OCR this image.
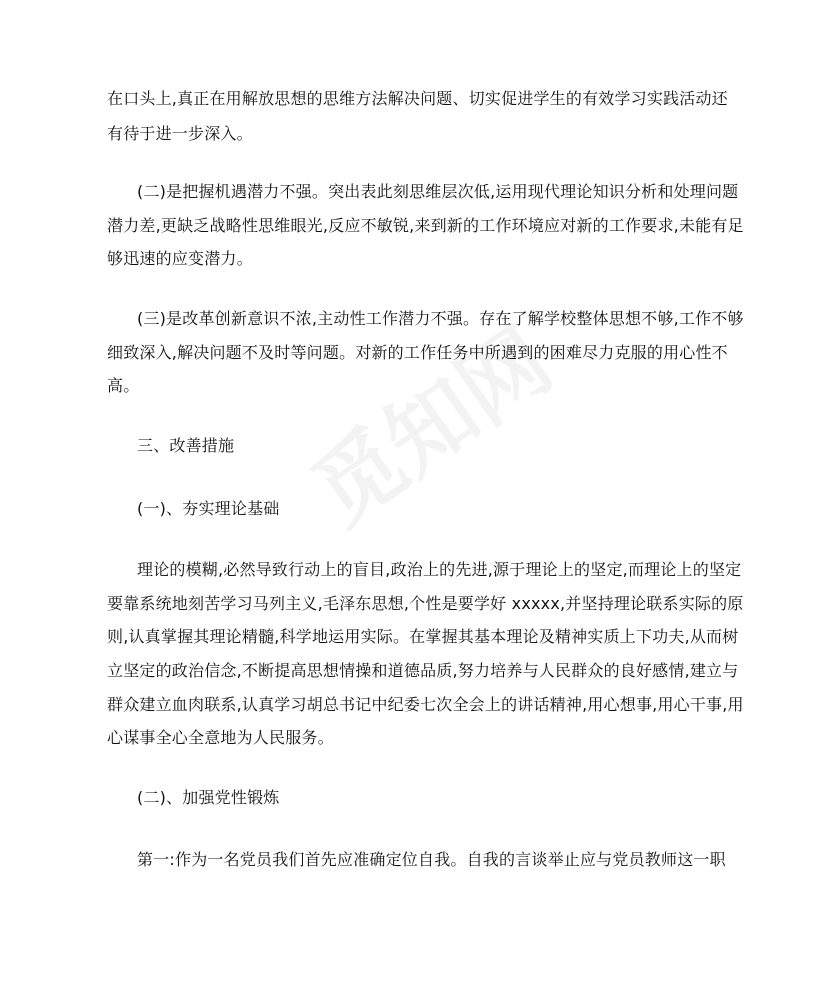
在口头上,真正在用解放思想的思维方法解决问题、切实促进学生的有效学习实践活动还
有待于进一步深入。
(二)是把握机遇潜力不强。突出表此刻思维层次低,运用现代理论知识分析和处理问题
潜力差,更缺乏战略性思维眼光,反应不敏锐,来到新的工作环境应对新的工作要求,未能有足
够迅速的应变潜力。
(三)是改革创新意识不浓,主动性工作潜力不强。存在了解学校整体思想不够,工作不够
细致深入,解决问题不及时等问题。对新的工作任务中所遇到的困难尽力克服的用心性不
高。
三、改善措施
(一)、夯实理论基础
理论的模糊,必然导致行动上的盲目,政治上的先进,源于理论上的坚定,而理论上的坚定
要靠系统地刻苦学习马列主义,毛泽东思想,个性是要学好 xxxxx,并坚持理论联系实际的原
则,认真掌握其理论精髓,科学地运用实际。在掌握其基本理论及精神实质上下功夫,从而树
立坚定的政治信念,不断提高思想情操和道德品质,努力培养与人民群众的良好感情,建立与
群众建立血肉联系,认真学习胡总书记中纪委七次全会上的讲话精神,用心想事,用心干事,用
心谋事全心全意地为人民服务。
(二)、加强党性锻炼
第一:作为一名党员我们首先应准确定位自我。自我的言谈举止应与党员教师这一职
